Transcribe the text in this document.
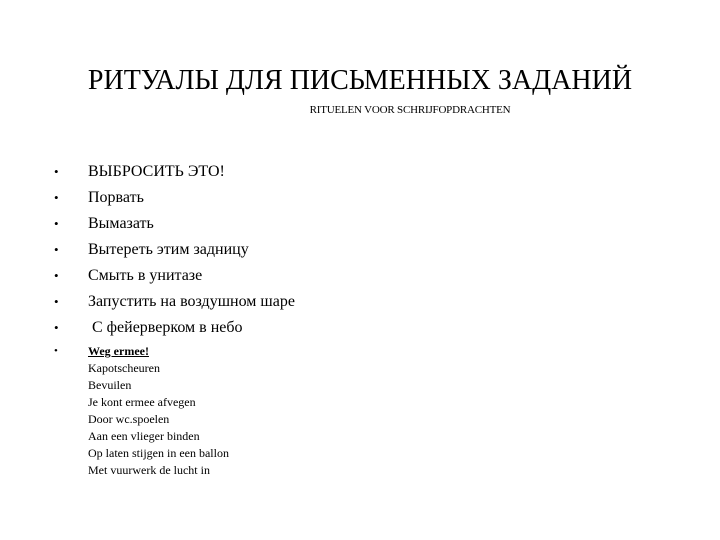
РИТУАЛЫ ДЛЯ ПИСЬМЕННЫХ ЗАДАНИЙ
RITUELEN VOOR SCHRIJFOPDRACHTEN
•	ВЫБРОСИТЬ ЭТО!
•	Порвать
•	Вымазать
•	Вытереть этим задницу
•	Смыть в унитазе
•	Запустить на воздушном шаре
•	С фейерверком в небо
•	Weg ermee!
Kapotscheuren
Bevuilen
Je kont ermee afvegen
Door wc.spoelen
Aan een vlieger binden
Op laten stijgen in een ballon
Met vuurwerk de lucht in
